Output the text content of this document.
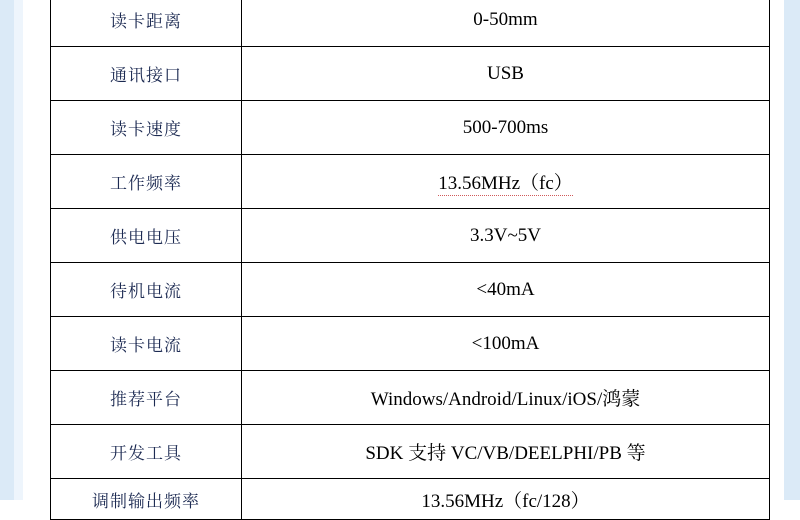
读卡距离	0-50mm
通讯接口	USB
读卡速度	500-700ms
工作频率	13.56MHz（fc）
供电电压	3.3V~5V
待机电流	<40mA
读卡电流	<100mA
推荐平台	Windows/Android/Linux/iOS/鸿蒙
开发工具	SDK 支持 VC/VB/DEELPHI/PB 等
调制输出频率	13.56MHz（fc/128）
